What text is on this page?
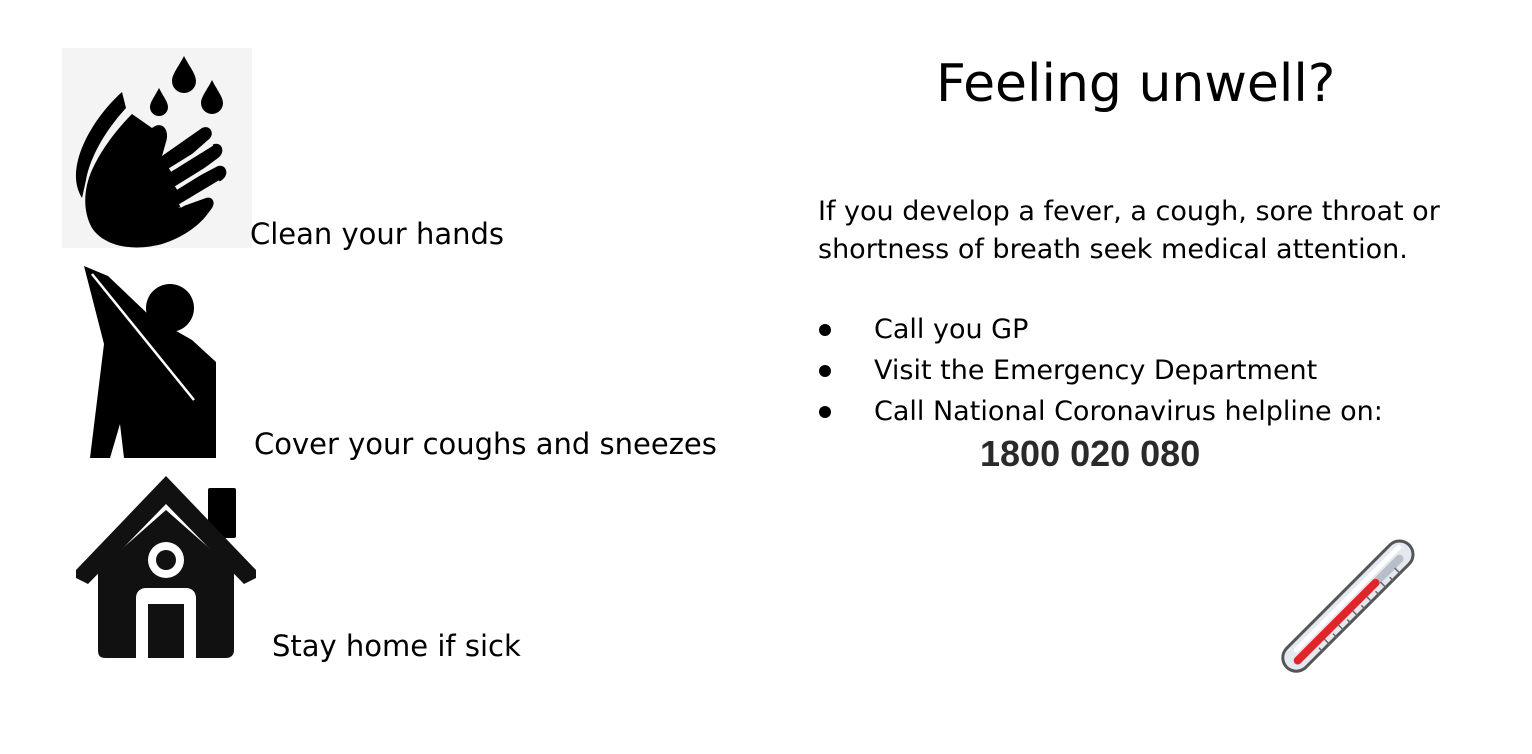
Clean your hands
Cover your coughs and sneezes
Stay home if sick
Feeling unwell?
If you develop a fever, a cough, sore throat or shortness of breath seek medical attention.
Call you GP
Visit the Emergency Department
Call National Coronavirus helpline on:
1800 020 080
